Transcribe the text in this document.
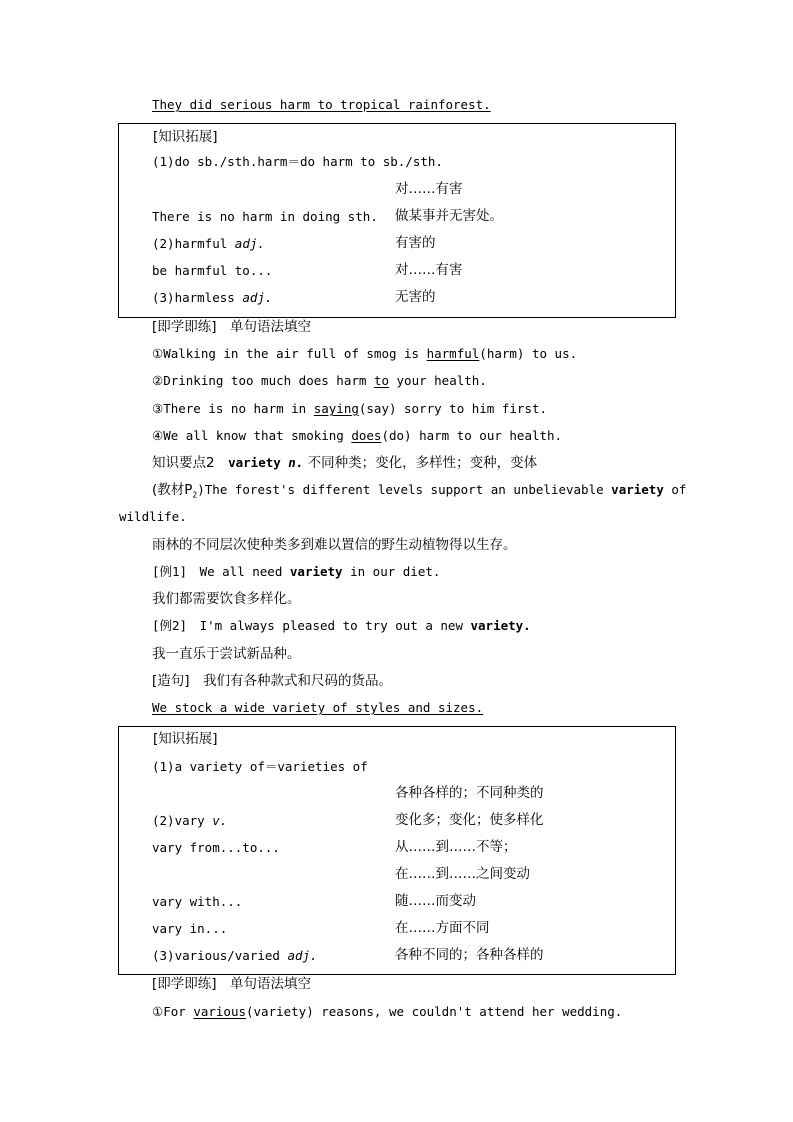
They did serious harm to tropical rainforest.
[知识拓展]
(1)do sb./sth.harm＝do harm to sb./sth.
对……有害
There is no harm in doing sth. 做某事并无害处。
(2)harmful adj.	有害的
be harmful to...	对……有害
(3)harmless adj.	无害的
[即学即练]　单句语法填空
①Walking in the air full of smog is harmful(harm) to us.
②Drinking too much does harm to your health.
③There is no harm in saying(say) sorry to him first.
④We all know that smoking does(do) harm to our health.
知识要点2　variety n. 不同种类；变化，多样性；变种，变体
(教材$P_2)The$ forest's different levels support an unbelievable variety of
wildlife.
雨林的不同层次使种类多到难以置信的野生动植物得以生存。
[例1]　We all need variety in our diet.
我们都需要饮食多样化。
[例2]　I'm always pleased to try out a new variety.
我一直乐于尝试新品种。
[造句]　我们有各种款式和尺码的货品。
We stock a wide variety of styles and sizes.
[知识拓展]
(1)a variety of＝varieties of
各种各样的；不同种类的
(2)vary v.	变化多；变化；使多样化
vary from...to...	从……到……不等；
在……到……之间变动
vary with...	随……而变动
vary in...	在……方面不同
(3)various/varied adj.	各种不同的；各种各样的
[即学即练]　单句语法填空
①For various(variety) reasons, we couldn't attend her wedding.
